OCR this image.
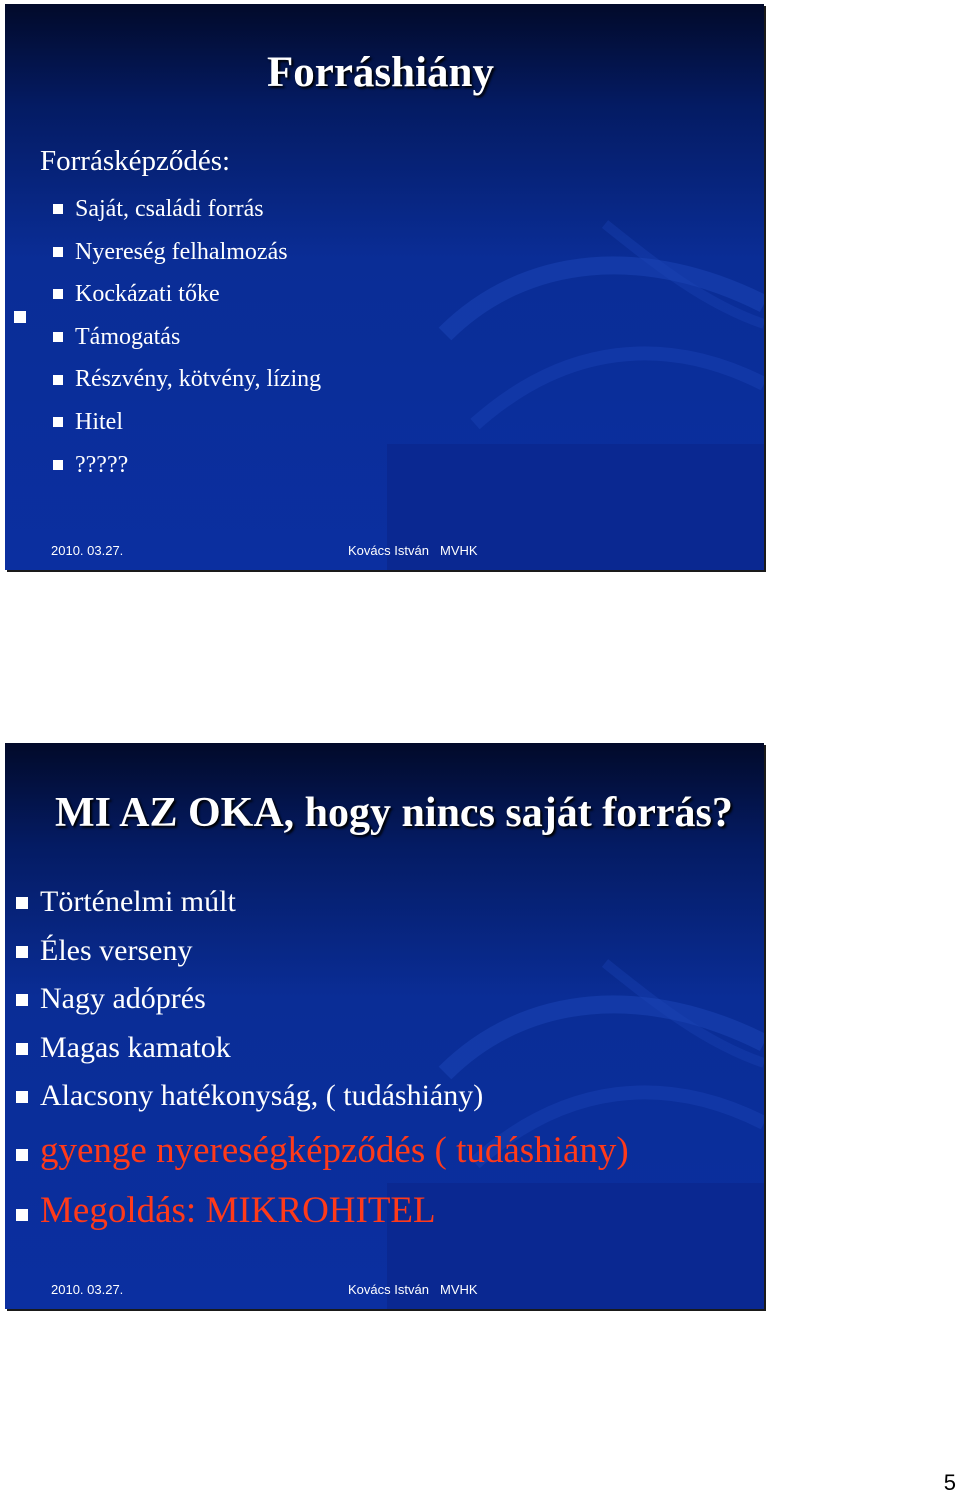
Forráshiány
Forrásképződés:
Saját, családi forrás
Nyereség felhalmozás
Kockázati tőke
Támogatás
Részvény, kötvény, lízing
Hitel
?????
2010. 03.27.	Kovács István MVHK
MI AZ OKA, hogy nincs saját forrás?
Történelmi múlt
Éles verseny
Nagy adóprés
Magas kamatok
Alacsony hatékonyság, ( tudáshiány)
gyenge nyereségképződés ( tudáshiány)
Megoldás: MIKROHITEL
2010. 03.27.	Kovács István MVHK
5
